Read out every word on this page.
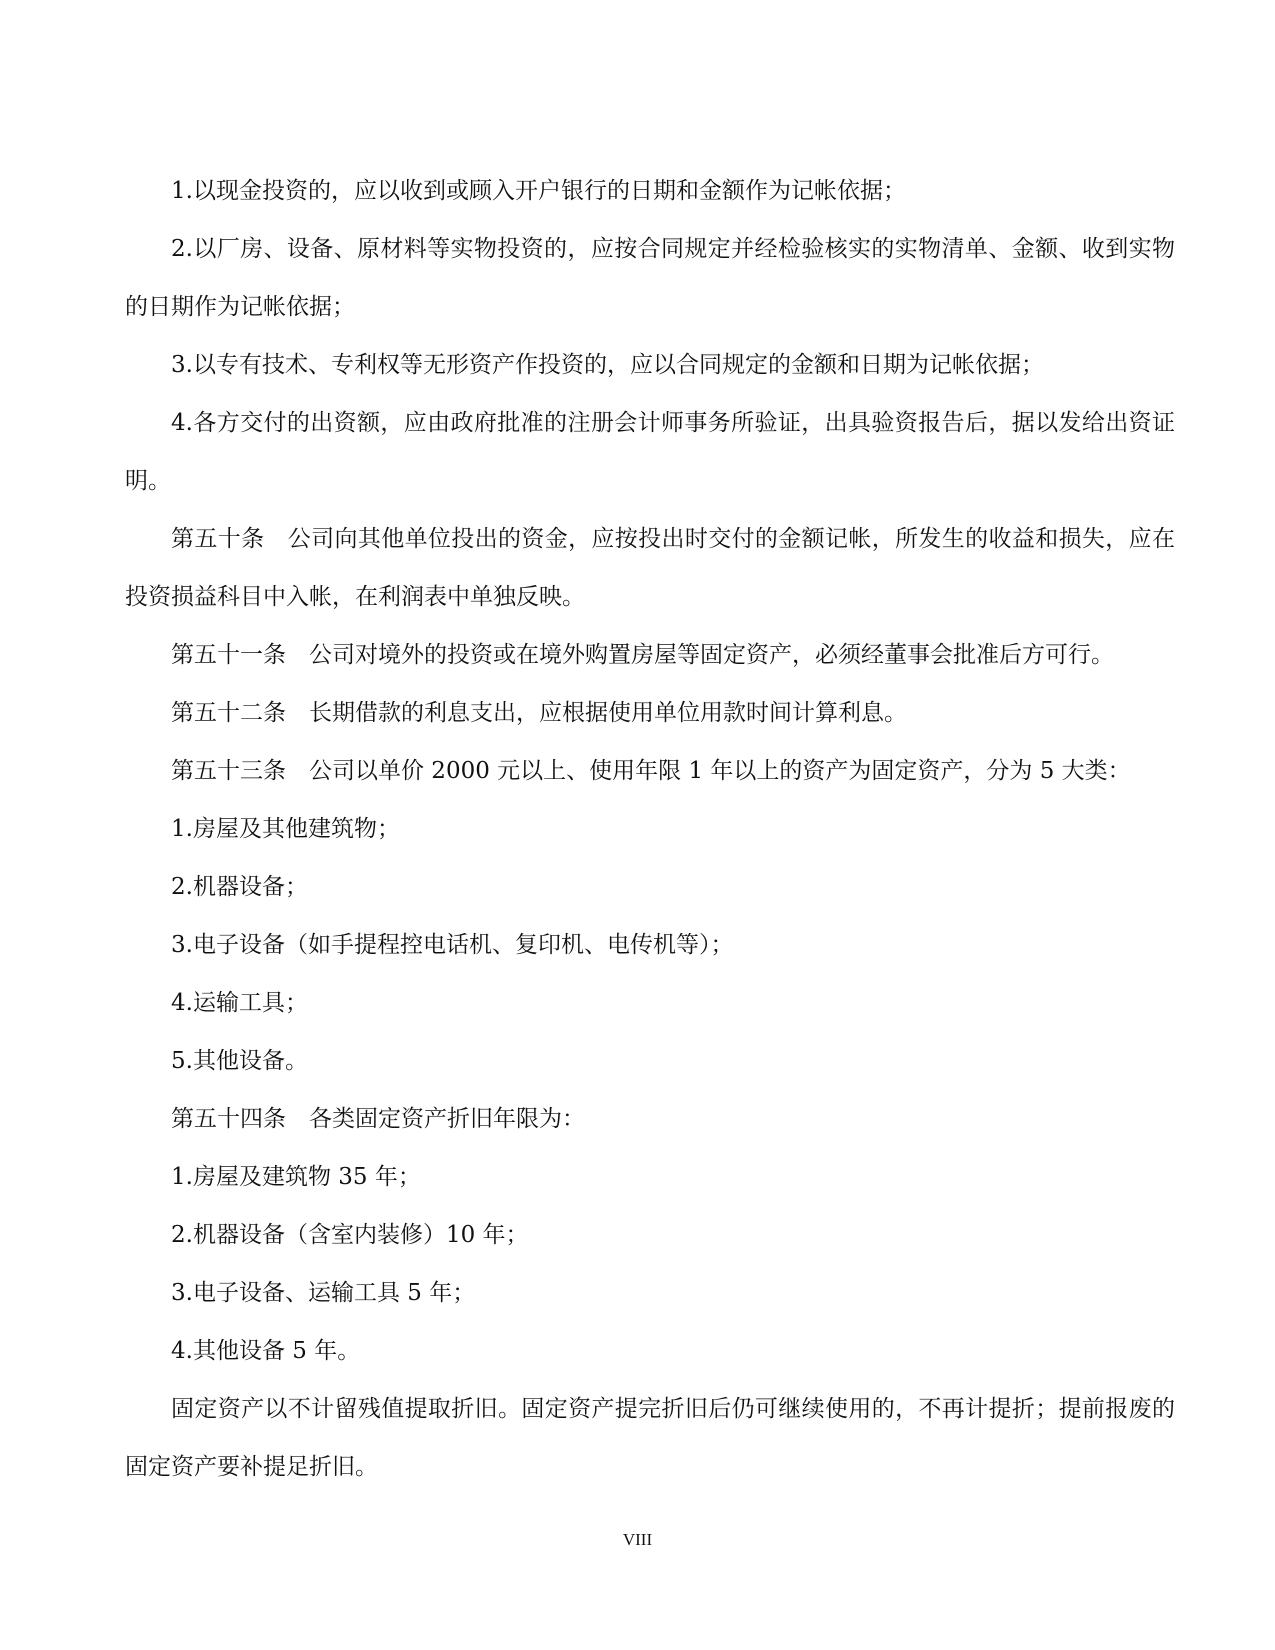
1.以现金投资的，应以收到或顾入开户银行的日期和金额作为记帐依据；

2.以厂房、设备、原材料等实物投资的，应按合同规定并经检验核实的实物清单、金额、收到实物的日期作为记帐依据；

3.以专有技术、专利权等无形资产作投资的，应以合同规定的金额和日期为记帐依据；

4.各方交付的出资额，应由政府批准的注册会计师事务所验证，出具验资报告后，据以发给出资证明。

第五十条　公司向其他单位投出的资金，应按投出时交付的金额记帐，所发生的收益和损失，应在投资损益科目中入帐，在利润表中单独反映。

第五十一条　公司对境外的投资或在境外购置房屋等固定资产，必须经董事会批准后方可行。

第五十二条　长期借款的利息支出，应根据使用单位用款时间计算利息。

第五十三条　公司以单价 2000 元以上、使用年限 1 年以上的资产为固定资产，分为 5 大类：

1.房屋及其他建筑物；

2.机器设备；

3.电子设备（如手提程控电话机、复印机、电传机等）；

4.运输工具；

5.其他设备。

第五十四条　各类固定资产折旧年限为：

1.房屋及建筑物 35 年；

2.机器设备（含室内装修）10 年；

3.电子设备、运输工具 5 年；

4.其他设备 5 年。

固定资产以不计留残值提取折旧。固定资产提完折旧后仍可继续使用的，不再计提折；提前报废的固定资产要补提足折旧。

VIII
